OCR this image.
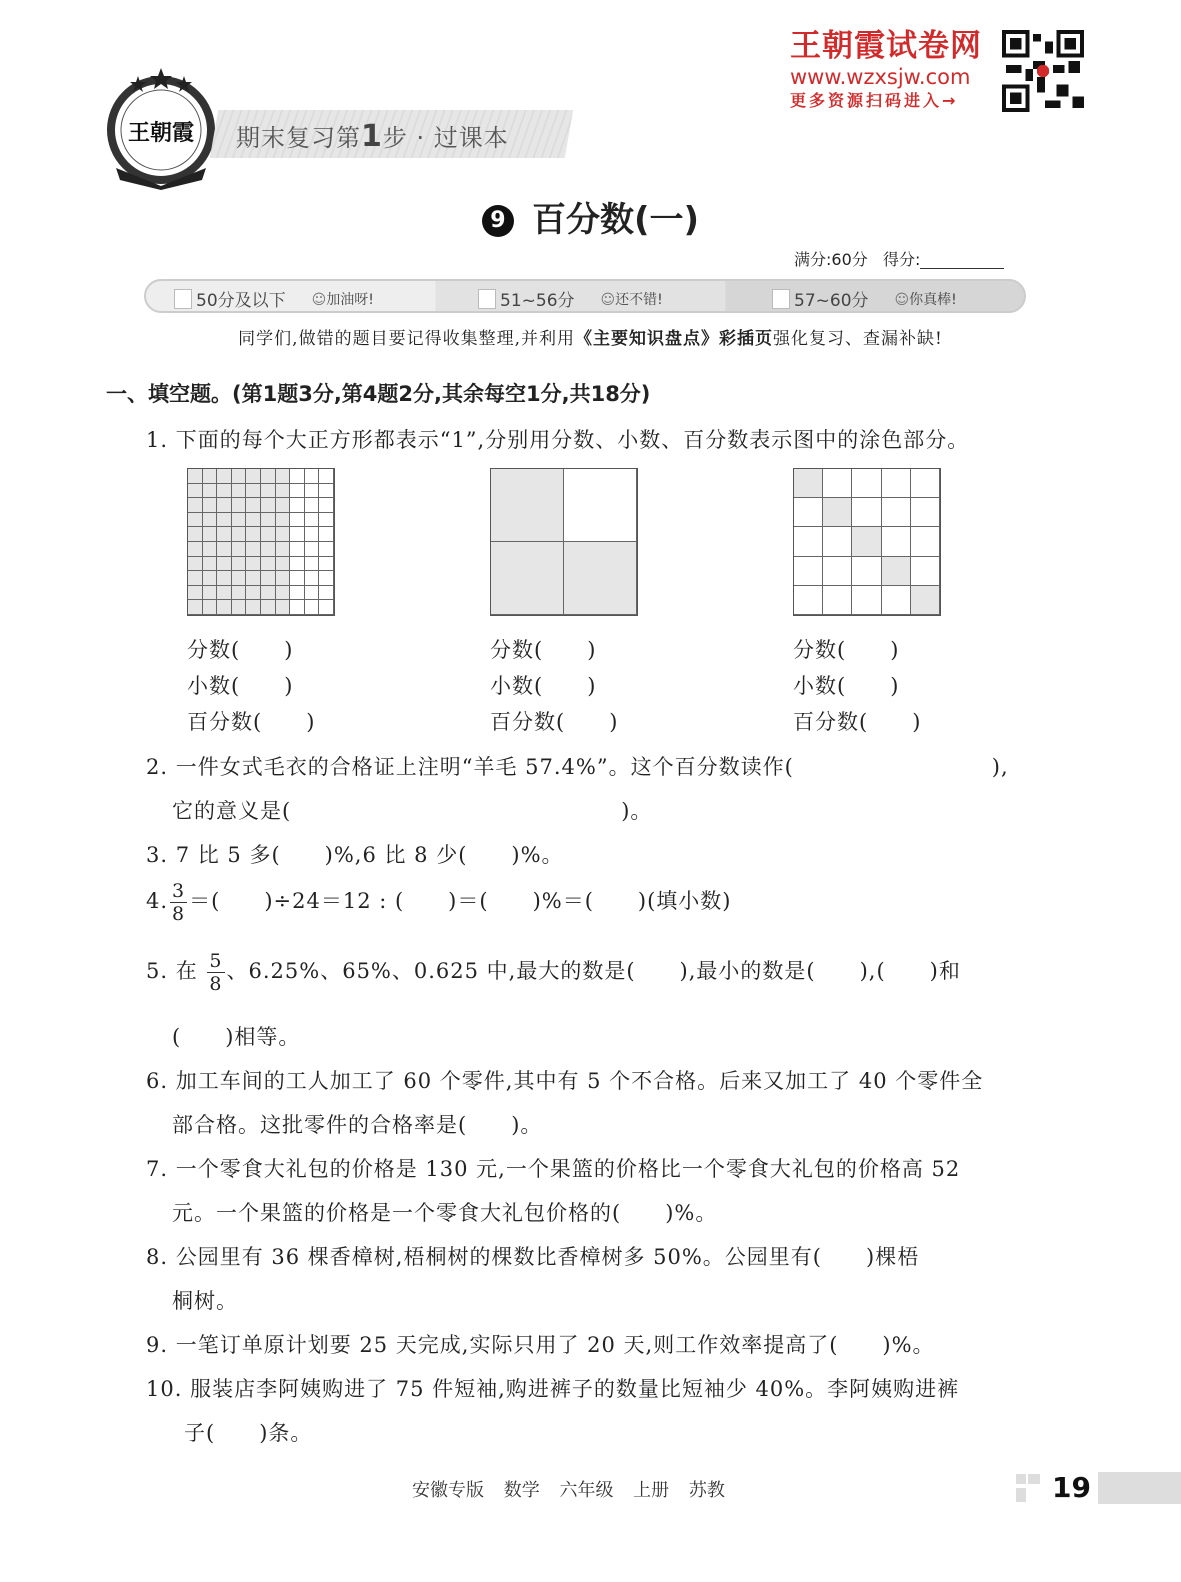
王朝霞 期末复习第1步 · 过课本
王朝霞试卷网
www.wzxsjw.com
更多资源扫码进入→
9 百分数(一)
满分:60分 得分:
50分及以下 ☺加油呀!	51~56分 ☺还不错!	57~60分 ☺你真棒!
同学们,做错的题目要记得收集整理,并利用《主要知识盘点》彩插页强化复习、查漏补缺!
一、填空题。(第1题3分,第4题2分,其余每空1分,共18分)
1. 下面的每个大正方形都表示“1”,分别用分数、小数、百分数表示图中的涂色部分。
分数(　　)
小数(　　)
百分数(　　)
分数(　　)
小数(　　)
百分数(　　)
分数(　　)
小数(　　)
百分数(　　)
2. 一件女式毛衣的合格证上注明“羊毛 57.4%”。这个百分数读作(　　　　　　　　　),
它的意义是(　　　　　　　　　　　　　　　)。
3. 7 比 5 多(　　)%,6 比 8 少(　　)%。
4. $\frac{3}{8}$ ＝(　　)÷24＝12 : (　　)＝(　　)%＝(　　)(填小数)
5. 在 $\frac{5}{8}$ 、6.25%、65%、0.625 中,最大的数是(　　),最小的数是(　　),(　　)和
(　　)相等。
6. 加工车间的工人加工了 60 个零件,其中有 5 个不合格。后来又加工了 40 个零件全
部合格。这批零件的合格率是(　　)。
7. 一个零食大礼包的价格是 130 元,一个果篮的价格比一个零食大礼包的价格高 52
元。一个果篮的价格是一个零食大礼包价格的(　　)%。
8. 公园里有 36 棵香樟树,梧桐树的棵数比香樟树多 50%。公园里有(　　)棵梧
桐树。
9. 一笔订单原计划要 25 天完成,实际只用了 20 天,则工作效率提高了(　　)%。
10. 服装店李阿姨购进了 75 件短袖,购进裤子的数量比短袖少 40%。李阿姨购进裤
子(　　)条。
安徽专版 数学 六年级 上册 苏教	19
